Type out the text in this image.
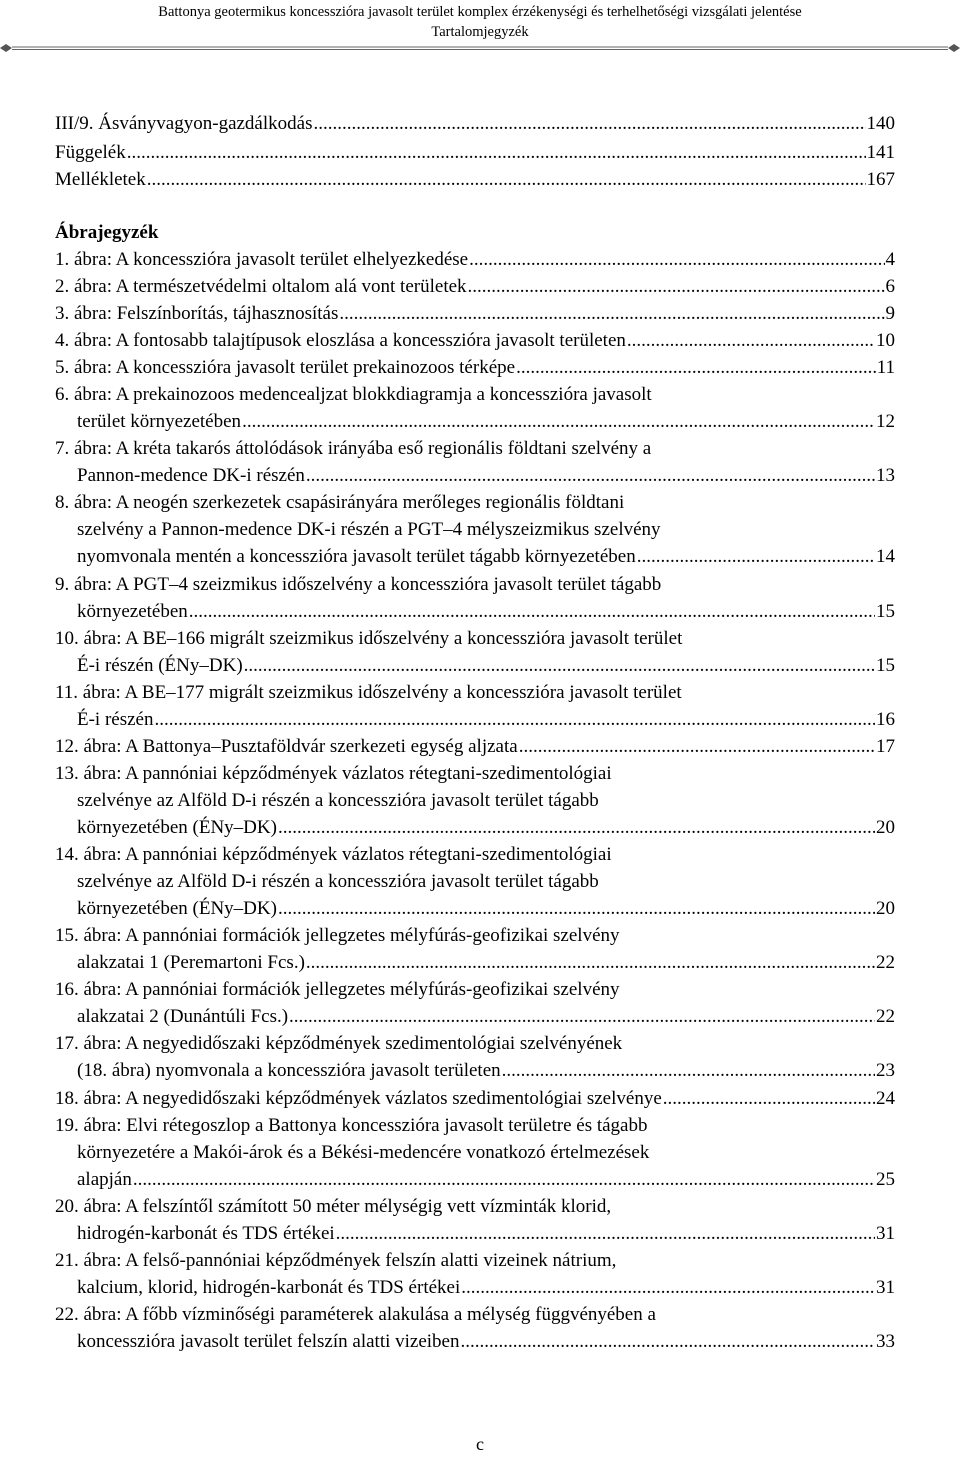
Battonya geotermikus koncesszióra javasolt terület komplex érzékenységi és terhelhetőségi vizsgálati jelentése
Tartalomjegyzék
III/9. Ásványvagyon-gazdálkodás .....	140
Függelék .....	141
Mellékletek .....	167
Ábrajegyzék
1. ábra: A koncesszióra javasolt terület elhelyezkedése .....	4
2. ábra: A természetvédelmi oltalom alá vont területek .....	6
3. ábra: Felszínborítás, tájhasznosítás .....	9
4. ábra: A fontosabb talajtípusok eloszlása a koncesszióra javasolt területen .....	10
5. ábra: A koncesszióra javasolt terület prekainozoos térképe .....	11
6. ábra: A prekainozoos medencealjzat blokkdiagramja a koncesszióra javasolt
terület környezetében .....	12
7. ábra: A kréta takarós áttolódások irányába eső regionális földtani szelvény a
Pannon-medence DK-i részén .....	13
8. ábra: A neogén szerkezetek csapásirányára merőleges regionális földtani
szelvény a Pannon-medence DK-i részén a PGT–4 mélyszeizmikus szelvény
nyomvonala mentén a koncesszióra javasolt terület tágabb környezetében .....	14
9. ábra: A PGT–4 szeizmikus időszelvény a koncesszióra javasolt terület tágabb
környezetében .....	15
10. ábra: A BE–166 migrált szeizmikus időszelvény a koncesszióra javasolt terület
É-i részén (ÉNy–DK) .....	15
11. ábra: A BE–177 migrált szeizmikus időszelvény a koncesszióra javasolt terület
É-i részén .....	16
12. ábra: A Battonya–Pusztaföldvár szerkezeti egység aljzata .....	17
13. ábra: A pannóniai képződmények vázlatos rétegtani-szedimentológiai
szelvénye az Alföld D-i részén a koncesszióra javasolt terület tágabb
környezetében (ÉNy–DK) .....	20
14. ábra: A pannóniai képződmények vázlatos rétegtani-szedimentológiai
szelvénye az Alföld D-i részén a koncesszióra javasolt terület tágabb
környezetében (ÉNy–DK) .....	20
15. ábra: A pannóniai formációk jellegzetes mélyfúrás-geofizikai szelvény
alakzatai 1 (Peremartoni Fcs.) .....	22
16. ábra: A pannóniai formációk jellegzetes mélyfúrás-geofizikai szelvény
alakzatai 2 (Dunántúli Fcs.) .....	22
17. ábra: A negyedidőszaki képződmények szedimentológiai szelvényének
(18. ábra) nyomvonala a koncesszióra javasolt területen .....	23
18. ábra: A negyedidőszaki képződmények vázlatos szedimentológiai szelvénye .....	24
19. ábra: Elvi rétegoszlop a Battonya koncesszióra javasolt területre és tágabb
környezetére a Makói-árok és a Békési-medencére vonatkozó értelmezések
alapján .....	25
20. ábra: A felszíntől számított 50 méter mélységig vett vízminták klorid,
hidrogén-karbonát és TDS értékei .....	31
21. ábra: A felső-pannóniai képződmények felszín alatti vizeinek nátrium,
kalcium, klorid, hidrogén-karbonát és TDS értékei .....	31
22. ábra: A főbb vízminőségi paraméterek alakulása a mélység függvényében a
koncesszióra javasolt terület felszín alatti vizeiben .....	33
c
